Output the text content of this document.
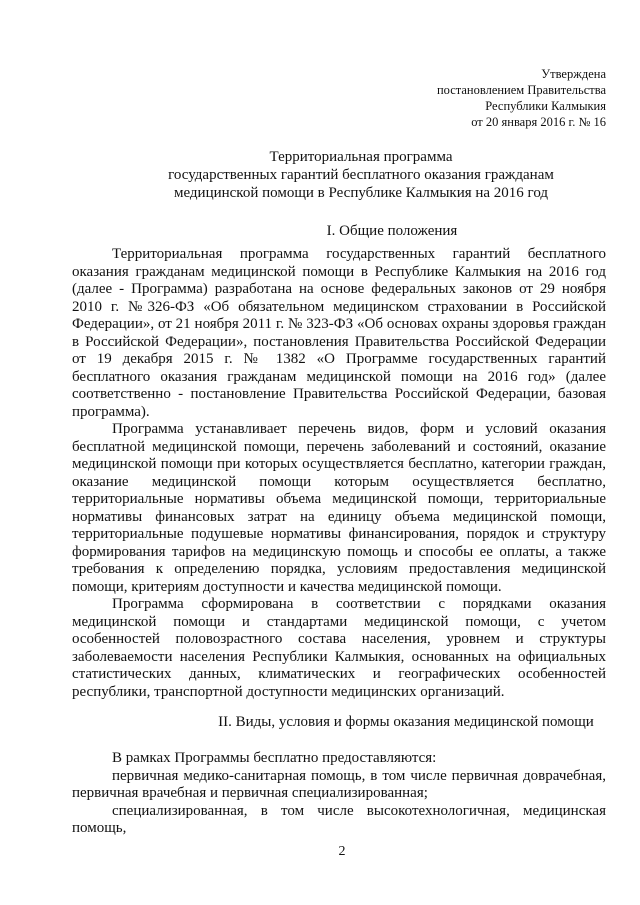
Утверждена
постановлением Правительства
Республики Калмыкия
от 20 января 2016 г. № 16
Территориальная программа
государственных гарантий бесплатного оказания гражданам
медицинской помощи в Республике Калмыкия на 2016 год
I. Общие положения

Территориальная программа государственных гарантий бесплатного оказания гражданам медицинской помощи в Республике Калмыкия на 2016 год (далее - Программа) разработана на основе федеральных законов от 29 ноября 2010 г. №326-ФЗ «Об обязательном медицинском страховании в Российской Федерации», от 21 ноября 2011 г. № 323-ФЗ «Об основах охраны здоровья граждан в Российской Федерации», постановления Правительства Российской Федерации от 19 декабря 2015 г. № 1382 «О Программе государственных гарантий бесплатного оказания гражданам медицинской помощи на 2016 год» (далее соответственно - постановление Правительства Российской Федерации, базовая программа).

Программа устанавливает перечень видов, форм и условий оказания бесплатной медицинской помощи, перечень заболеваний и состояний, оказание медицинской помощи при которых осуществляется бесплатно, категории граждан, оказание медицинской помощи которым осуществляется бесплатно, территориальные нормативы объема медицинской помощи, территориальные нормативы финансовых затрат на единицу объема медицинской помощи, территориальные подушевые нормативы финансирования, порядок и структуру формирования тарифов на медицинскую помощь и способы ее оплаты, а также требования к определению порядка, условиям предоставления медицинской помощи, критериям доступности и качества медицинской помощи.

Программа сформирована в соответствии с порядками оказания медицинской помощи и стандартами медицинской помощи, с учетом особенностей половозрастного состава населения, уровнем и структуры заболеваемости населения Республики Калмыкия, основанных на официальных статистических данных, климатических и географических особенностей республики, транспортной доступности медицинских организаций.

II. Виды, условия и формы оказания медицинской помощи

В рамках Программы бесплатно предоставляются:

первичная медико-санитарная помощь, в том числе первичная доврачебная, первичная врачебная и первичная специализированная;

специализированная, в том числе высокотехнологичная, медицинская помощь,

2
